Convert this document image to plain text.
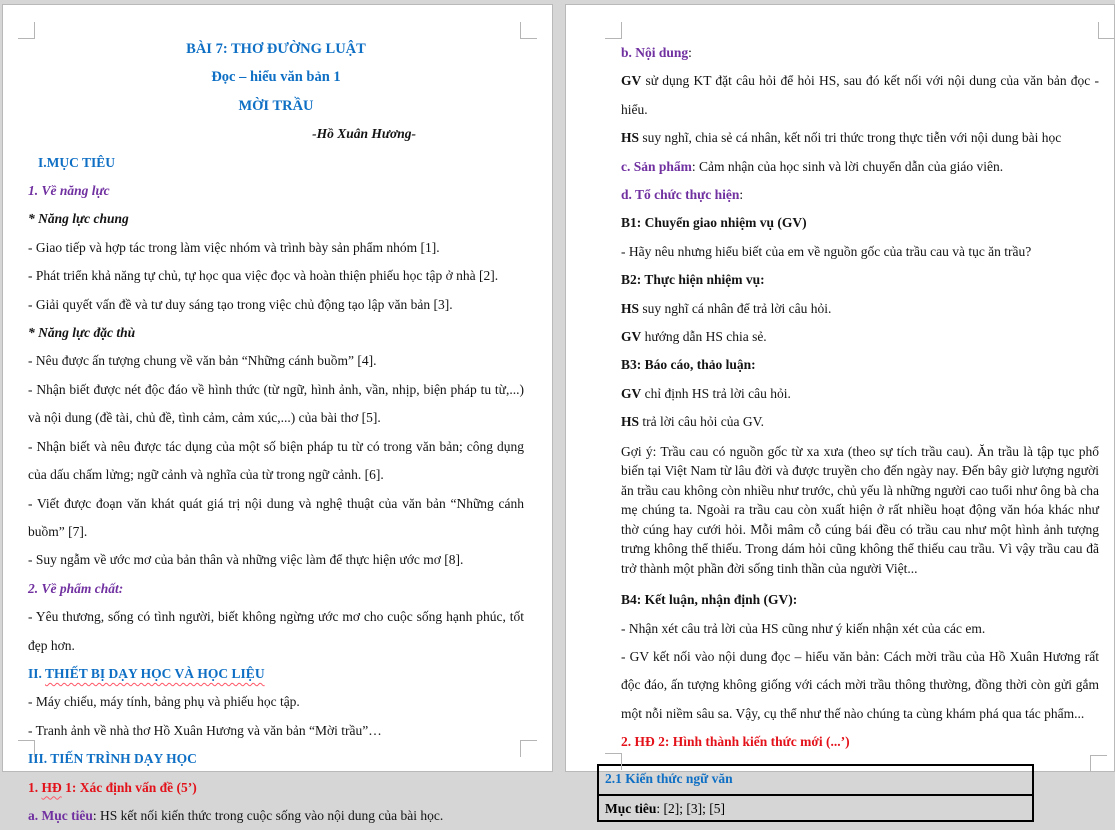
BÀI 7: THƠ ĐƯỜNG LUẬT

Đọc – hiểu văn bản 1

MỜI TRẦU

-Hồ Xuân Hương-

I.MỤC TIÊU

1. Về năng lực

* Năng lực chung

- Giao tiếp và hợp tác trong làm việc nhóm và trình bày sản phẩm nhóm [1].

- Phát triển khả năng tự chủ, tự học qua việc đọc và hoàn thiện phiếu học tập ở nhà [2].

- Giải quyết vấn đề và tư duy sáng tạo trong việc chủ động tạo lập văn bản [3].

* Năng lực đặc thù

- Nêu được ấn tượng chung về văn bản “Những cánh buồm” [4].

- Nhận biết được nét độc đáo về hình thức (từ ngữ, hình ảnh, vần, nhịp, biện pháp tu từ,...) và nội dung (đề tài, chủ đề, tình cảm, cảm xúc,...) của bài thơ [5].

- Nhận biết và nêu được tác dụng của một số biện pháp tu từ có trong văn bản; công dụng của dấu chấm lửng; ngữ cảnh và nghĩa của từ trong ngữ cảnh. [6].

- Viết được đoạn văn khát quát giá trị nội dung và nghệ thuật của văn bản “Những cánh buồm” [7].

- Suy ngẫm về ước mơ của bản thân và những việc làm để thực hiện ước mơ [8].

2. Về phẩm chất:

- Yêu thương, sống có tình người, biết không ngừng ước mơ cho cuộc sống hạnh phúc, tốt đẹp hơn.

II. THIẾT BỊ DẠY HỌC VÀ HỌC LIỆU

- Máy chiếu, máy tính, bảng phụ và phiếu học tập.

- Tranh ảnh về nhà thơ Hồ Xuân Hương và văn bản “Mời trầu”…

III. TIẾN TRÌNH DẠY HỌC

1. HĐ 1: Xác định vấn đề (5’)

a. Mục tiêu: HS kết nối kiến thức trong cuộc sống vào nội dung của bài học.

b. Nội dung:

GV sử dụng KT đặt câu hỏi để hỏi HS, sau đó kết nối với nội dung của văn bản đọc - hiểu.

HS suy nghĩ, chia sẻ cá nhân, kết nối tri thức trong thực tiễn với nội dung bài học

c. Sản phẩm: Cảm nhận của học sinh và lời chuyển dẫn của giáo viên.

d. Tổ chức thực hiện:

B1: Chuyển giao nhiệm vụ (GV)

- Hãy nêu nhưng hiểu biết của em về nguồn gốc của trầu cau và tục ăn trầu?

B2: Thực hiện nhiệm vụ:

HS suy nghĩ cá nhân để trả lời câu hỏi.

GV hướng dẫn HS chia sẻ.

B3: Báo cáo, thảo luận:

GV chỉ định HS trả lời câu hỏi.

HS trả lời câu hỏi của GV.

Gợi ý: Trầu cau có nguồn gốc từ xa xưa (theo sự tích trầu cau). Ăn trầu là tập tục phổ biến tại Việt Nam từ lâu đời và được truyền cho đến ngày nay. Đến bây giờ lượng người ăn trầu cau không còn nhiều như trước, chủ yếu là những người cao tuổi như ông bà cha mẹ chúng ta. Ngoài ra trầu cau còn xuất hiện ở rất nhiều hoạt động văn hóa khác như thờ cúng hay cưới hỏi. Mỗi mâm cỗ cúng bái đều có trầu cau như một hình ảnh tượng trưng không thể thiếu. Trong dám hỏi cũng không thể thiếu cau trầu. Vì vậy trầu cau đã trở thành một phần đời sống tinh thần của người Việt...

B4: Kết luận, nhận định (GV):

- Nhận xét câu trả lời của HS cũng như ý kiến nhận xét của các em.

- GV kết nối vào nội dung đọc – hiểu văn bản: Cách mời trầu của Hồ Xuân Hương rất độc đáo, ấn tượng không giống với cách mời trầu thông thường, đồng thời còn gửi gắm một nỗi niềm sâu sa. Vậy, cụ thể như thế nào chúng ta cùng khám phá qua tác phẩm...

2. HĐ 2: Hình thành kiến thức mới (...’)

2.1 Kiến thức ngữ văn
Mục tiêu: [2]; [3]; [5]
